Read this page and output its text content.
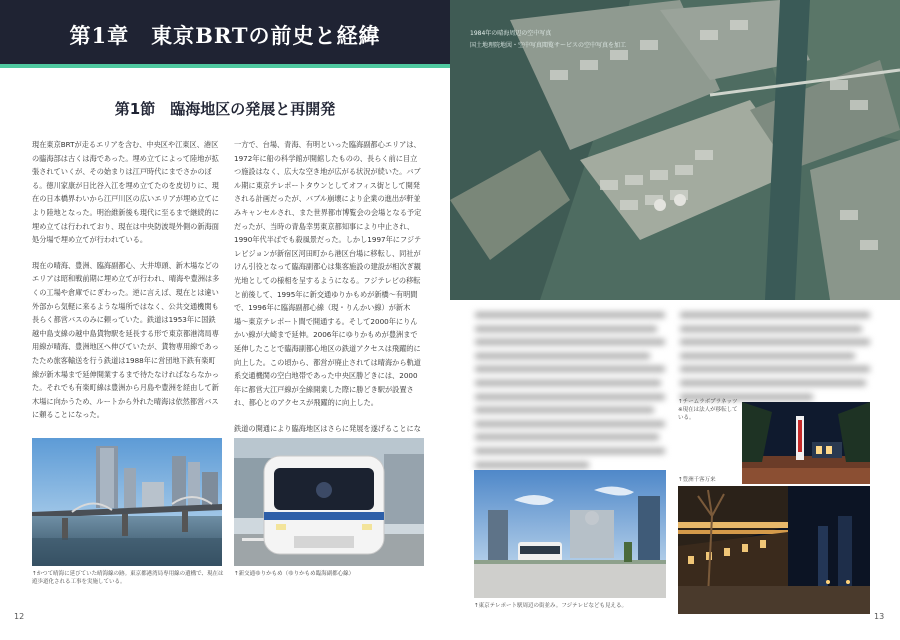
第1章　東京BRTの前史と経緯
第1節　臨海地区の発展と再開発

現在東京BRTが走るエリアを含む、中央区や江東区、港区の臨海部は古くは海であった。埋め立てによって陸地が拡張されていくが、その始まりは江戸時代にまでさかのぼる。徳川家康が日比谷入江を埋め立てたのを皮切りに、現在の日本橋界わいから江戸川区の広いエリアが埋め立てにより陸地となった。明治維新後も現代に至るまで継続的に埋め立ては行われており、現在は中央防波堤外側の新海面処分場で埋め立てが行われている。

現在の晴海、豊洲、臨海副都心、大井埠頭、新木場などのエリアは昭和戦前期に埋め立てが行われ、晴海や豊洲は多くの工場や倉庫でにぎわった。逆に言えば、現在とは違い外部から気軽に来るような場所ではなく、公共交通機関も長らく都営バスのみに頼っていた。鉄道は1953年に国鉄越中島支線の越中島貨物駅を延長する形で東京都港湾局専用線が晴海、豊洲地区へ伸びていたが、貨物専用線であったため旅客輸送を行う鉄道は1988年に営団地下鉄有楽町線が新木場まで延伸開業するまで待たなければならなかった。それでも有楽町線は豊洲から月島や豊洲を経由して新木場に向かうため、ルートから外れた晴海は依然都営バスに頼ることになった。

一方で、台場、青海、有明といった臨海副都心エリアは、1972年に船の科学館が開館したものの、長らく前に目立つ施設はなく、広大な空き地が広がる状況が続いた。バブル期に東京テレポートタウンとしてオフィス街として開発される計画だったが、バブル崩壊により企業の進出が軒並みキャンセルされ、また世界都市博覧会の会場となる予定だったが、当時の青島幸男東京都知事により中止され、1990年代半ばでも殺風景だった。しかし1997年にフジテレビジョンが新宿区河田町から港区台場に移転し、同社がけん引役となって臨海副都心は集客施設の建設が相次ぎ観光地としての様相を呈するようになる。フジテレビの移転と前後して、1995年に新交通ゆりかもめが新橋〜有明間で、1996年に臨海副都心線（現・りんかい線）が新木場〜東京テレポート間で開通する。そして2000年にりんかい線が大崎まで延伸。2006年にゆりかもめが豊洲まで延伸したことで臨海副都心地区の鉄道アクセスは飛躍的に向上した。この頃から、都営が廃止されては晴海から軌道系交通機関の空白地帯であった中央区勝どきには、2000年に都営大江戸線が全線開業した際に勝どき駅が設置され、都心とのアクセスが飛躍的に向上した。

鉄道の開通により臨海地区はさらに発展を遂げることにな

↑かつて晴海に延びていた晴海線の跡。東京都港湾局専用線の遺構で、現在は遊歩道化される工事を実施している。
↑新交通ゆりかもめ（ゆりかもめ臨海副都心線）
12
1984年の晴海周辺の空中写真
国土地理院地図・空中写真閲覧サービスの空中写真を加工
↑チームラボプラネッツ※現在は法人が移転している。
↑豊洲千客万来
↑東京テレポート駅周辺の街並み。フジテレビなども見える。
13
